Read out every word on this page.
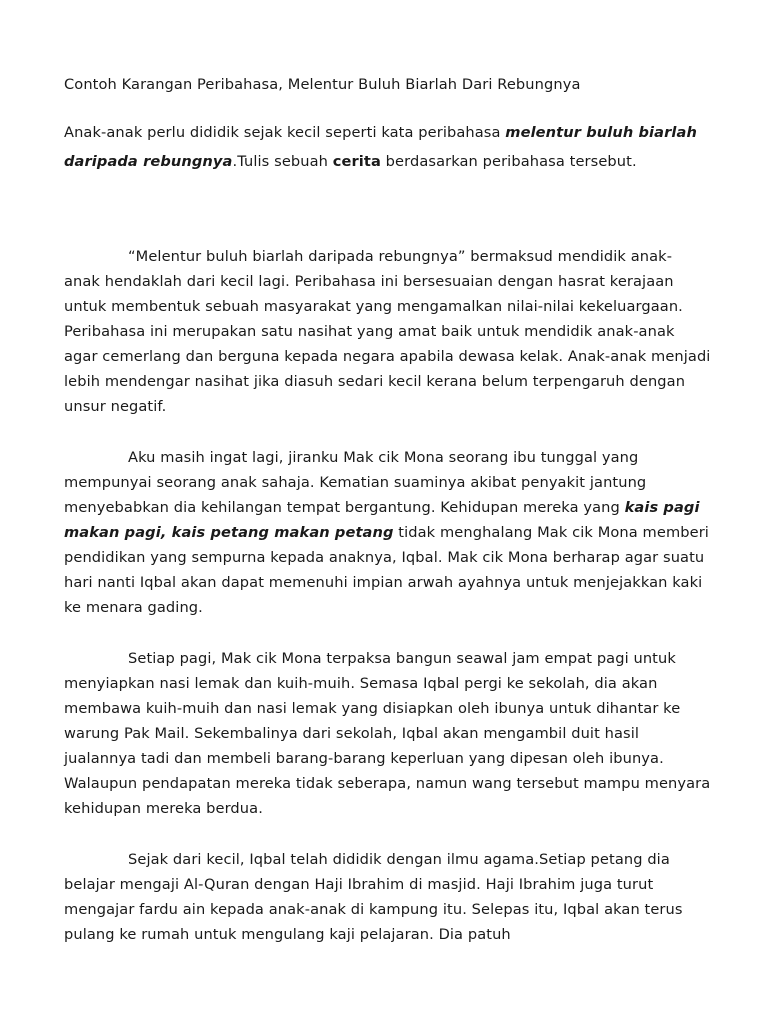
Contoh Karangan Peribahasa, Melentur Buluh Biarlah Dari Rebungnya

Anak-anak perlu dididik sejak kecil seperti kata peribahasa melentur buluh biarlah daripada rebungnya.Tulis sebuah cerita berdasarkan peribahasa tersebut.

“Melentur buluh biarlah daripada rebungnya” bermaksud mendidik anak- anak hendaklah dari kecil lagi. Peribahasa ini bersesuaian dengan hasrat kerajaan untuk membentuk sebuah masyarakat yang mengamalkan nilai-nilai kekeluargaan. Peribahasa ini merupakan satu nasihat yang amat baik untuk mendidik anak-anak agar cemerlang dan berguna kepada negara apabila dewasa kelak. Anak-anak menjadi lebih mendengar nasihat jika diasuh sedari kecil kerana belum terpengaruh dengan unsur negatif.

Aku masih ingat lagi, jiranku Mak cik Mona seorang ibu tunggal yang mempunyai seorang anak sahaja. Kematian suaminya akibat penyakit jantung menyebabkan dia kehilangan tempat bergantung. Kehidupan mereka yang kais pagi makan pagi, kais petang makan petang tidak menghalang Mak cik Mona memberi pendidikan yang sempurna kepada anaknya, Iqbal. Mak cik Mona berharap agar suatu hari nanti Iqbal akan dapat memenuhi impian arwah ayahnya untuk menjejakkan kaki ke menara gading.

Setiap pagi, Mak cik Mona terpaksa bangun seawal jam empat pagi untuk menyiapkan nasi lemak dan kuih-muih. Semasa Iqbal pergi ke sekolah, dia akan membawa kuih-muih dan nasi lemak yang disiapkan oleh ibunya untuk dihantar ke warung Pak Mail. Sekembalinya dari sekolah, Iqbal akan mengambil duit hasil jualannya tadi dan membeli barang-barang keperluan yang dipesan oleh ibunya. Walaupun pendapatan mereka tidak seberapa, namun wang tersebut mampu menyara kehidupan mereka berdua.

Sejak dari kecil, Iqbal telah dididik dengan ilmu agama.Setiap petang dia belajar mengaji Al-Quran dengan Haji Ibrahim di masjid. Haji Ibrahim juga turut mengajar fardu ain kepada anak-anak di kampung itu. Selepas itu, Iqbal akan terus pulang ke rumah untuk mengulang kaji pelajaran. Dia patuh
